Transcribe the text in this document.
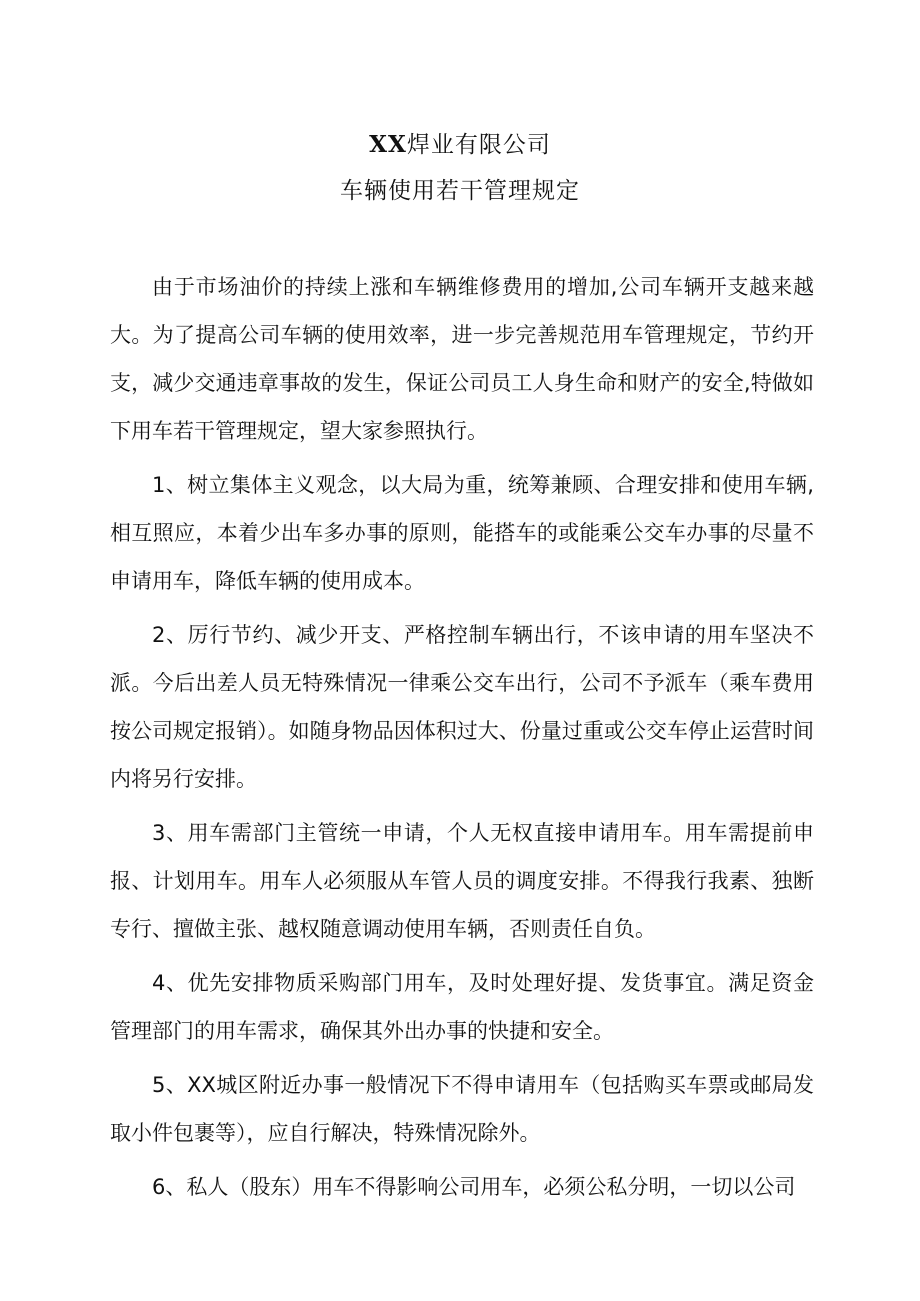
XX焊业有限公司
车辆使用若干管理规定

由于市场油价的持续上涨和车辆维修费用的增加,公司车辆开支越来越大。为了提高公司车辆的使用效率，进一步完善规范用车管理规定，节约开支，减少交通违章事故的发生，保证公司员工人身生命和财产的安全,特做如下用车若干管理规定，望大家参照执行。

1、树立集体主义观念，以大局为重，统筹兼顾、合理安排和使用车辆,相互照应，本着少出车多办事的原则，能搭车的或能乘公交车办事的尽量不申请用车，降低车辆的使用成本。

2、厉行节约、减少开支、严格控制车辆出行，不该申请的用车坚决不派。今后出差人员无特殊情况一律乘公交车出行，公司不予派车（乘车费用按公司规定报销）。如随身物品因体积过大、份量过重或公交车停止运营时间内将另行安排。

3、用车需部门主管统一申请，个人无权直接申请用车。用车需提前申报、计划用车。用车人必须服从车管人员的调度安排。不得我行我素、独断专行、擅做主张、越权随意调动使用车辆，否则责任自负。

4、优先安排物质采购部门用车，及时处理好提、发货事宜。满足资金管理部门的用车需求，确保其外出办事的快捷和安全。

5、XX城区附近办事一般情况下不得申请用车（包括购买车票或邮局发取小件包裹等），应自行解决，特殊情况除外。

6、私人（股东）用车不得影响公司用车，必须公私分明，一切以公司
